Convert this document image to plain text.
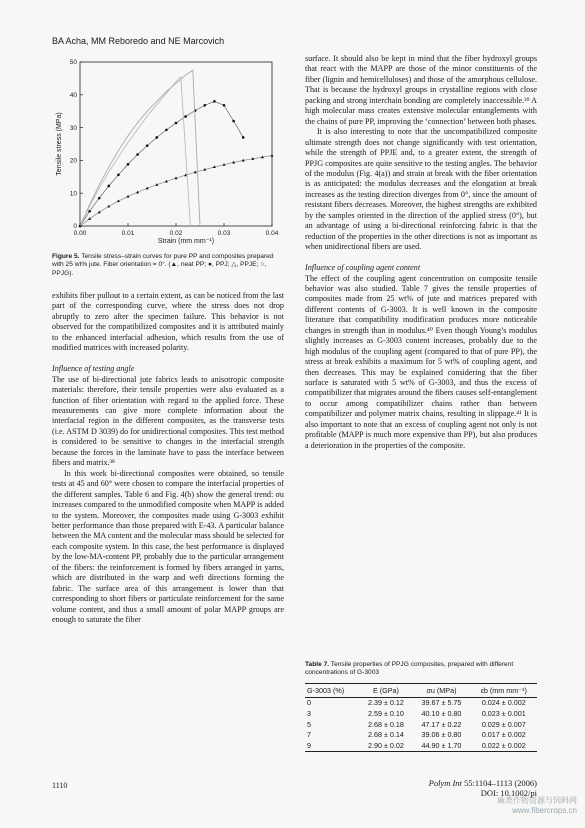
BA Acha, MM Reboredo and NE Marcovich
0.00	0.01	0.02	0.03	0.04
0
10
20
30
40
50
Tensile stress (MPa)
Strain (mm mm⁻¹)
Figure 5. Tensile stress–strain curves for pure PP and composites prepared with 25 wt% jute. Fiber orientation = 0°. (▲, neat PP; ●, PPJ; △, PPJE; ○, PPJG).

exhibits fiber pullout to a certain extent, as can be noticed from the last part of the corresponding curve, where the stress does not drop abruptly to zero after the specimen failure. This behavior is not observed for the compatibilized composites and it is attributed mainly to the enhanced interfacial adhesion, which results from the use of modified matrices with increased polarity.

Influence of testing angle

The use of bi-directional jute fabrics leads to anisotropic composite materials: therefore, their tensile properties were also evaluated as a function of fiber orientation with regard to the applied force. These measurements can give more complete information about the interfacial region in the different composites, as the transverse tests (i.e. ASTM D 3039) do for unidirectional composites. This test method is considered to be sensitive to changes in the interfacial strength because the forces in the laminate have to pass the interface between fibers and matrix.³⁸

In this work bi-directional composites were obtained, so tensile tests at 45 and 60° were chosen to compare the interfacial properties of the different samples. Table 6 and Fig. 4(b) show the general trend: σu increases compared to the unmodified composite when MAPP is added to the system. Moreover, the composites made using G-3003 exhibit better performance than those prepared with E-43. A particular balance between the MA content and the molecular mass should be selected for each composite system. In this case, the best performance is displayed by the low-MA-content PP, probably due to the particular arrangement of the fibers: the reinforcement is formed by fibers arranged in yarns, which are distributed in the warp and weft directions forming the fabric. The surface area of this arrangement is lower than that corresponding to short fibers or particulate reinforcement for the same volume content, and thus a small amount of polar MAPP groups are enough to saturate the fiber

surface. It should also be kept in mind that the fiber hydroxyl groups that react with the MAPP are those of the minor constituents of the fiber (lignin and hemicelluloses) and those of the amorphous cellulose. That is because the hydroxyl groups in crystalline regions with close packing and strong interchain bonding are completely inaccessible.³⁹ A high molecular mass creates extensive molecular entanglements with the chains of pure PP, improving the ‘connection’ between both phases.

It is also interesting to note that the uncompatibilized composite ultimate strength does not change significantly with test orientation, while the strength of PPJE and, to a greater extent, the strength of PPJG composites are quite sensitive to the testing angles. The behavior of the modulus (Fig. 4(a)) and strain at break with the fiber orientation is as anticipated: the modulus decreases and the elongation at break increases as the testing direction diverges from 0°, since the amount of resistant fibers decreases. Moreover, the highest strengths are exhibited by the samples oriented in the direction of the applied stress (0°), but an advantage of using a bi-directional reinforcing fabric is that the reduction of the properties in the other directions is not as important as when unidirectional fibers are used.

Influence of coupling agent content

The effect of the coupling agent concentration on composite tensile behavior was also studied. Table 7 gives the tensile properties of composites made from 25 wt% of jute and matrices prepared with different contents of G-3003. It is well known in the composite literature that compatibility modification produces more noticeable changes in strength than in modulus.⁴⁰ Even though Young’s modulus slightly increases as G-3003 content increases, probably due to the high modulus of the coupling agent (compared to that of pure PP), the stress at break exhibits a maximum for 5 wt% of coupling agent, and then decreases. This may be explained considering that the fiber surface is saturated with 5 wt% of G-3003, and thus the excess of compatibilizer that migrates around the fibers causes self-entanglement to occur among compatibilizer chains rather than between compatibilizer and polymer matrix chains, resulting in slippage.⁴¹ It is also important to note that an excess of coupling agent not only is not profitable (MAPP is much more expensive than PP), but also produces a deterioration in the properties of the composite.

Table 7. Tensile properties of PPJG composites, prepared with different concentrations of G-3003
G-3003 (%)	E (GPa)	σu (MPa)	εb (mm mm⁻¹)
0	2.39 ± 0.12	39.67 ± 5.75	0.024 ± 0.002
3	2.59 ± 0.10	40.10 ± 0.80	0.023 ± 0.001
5	2.68 ± 0.18	47.17 ± 0.22	0.029 ± 0.007
7	2.68 ± 0.14	39.06 ± 0.80	0.017 ± 0.002
9	2.90 ± 0.02	44.90 ± 1.70	0.022 ± 0.002
1110	Polym Int 55:1104–1113 (2006)
DOI: 10.1002/pi
麻类作物资源与饲料网
www.fibercrops.cn
